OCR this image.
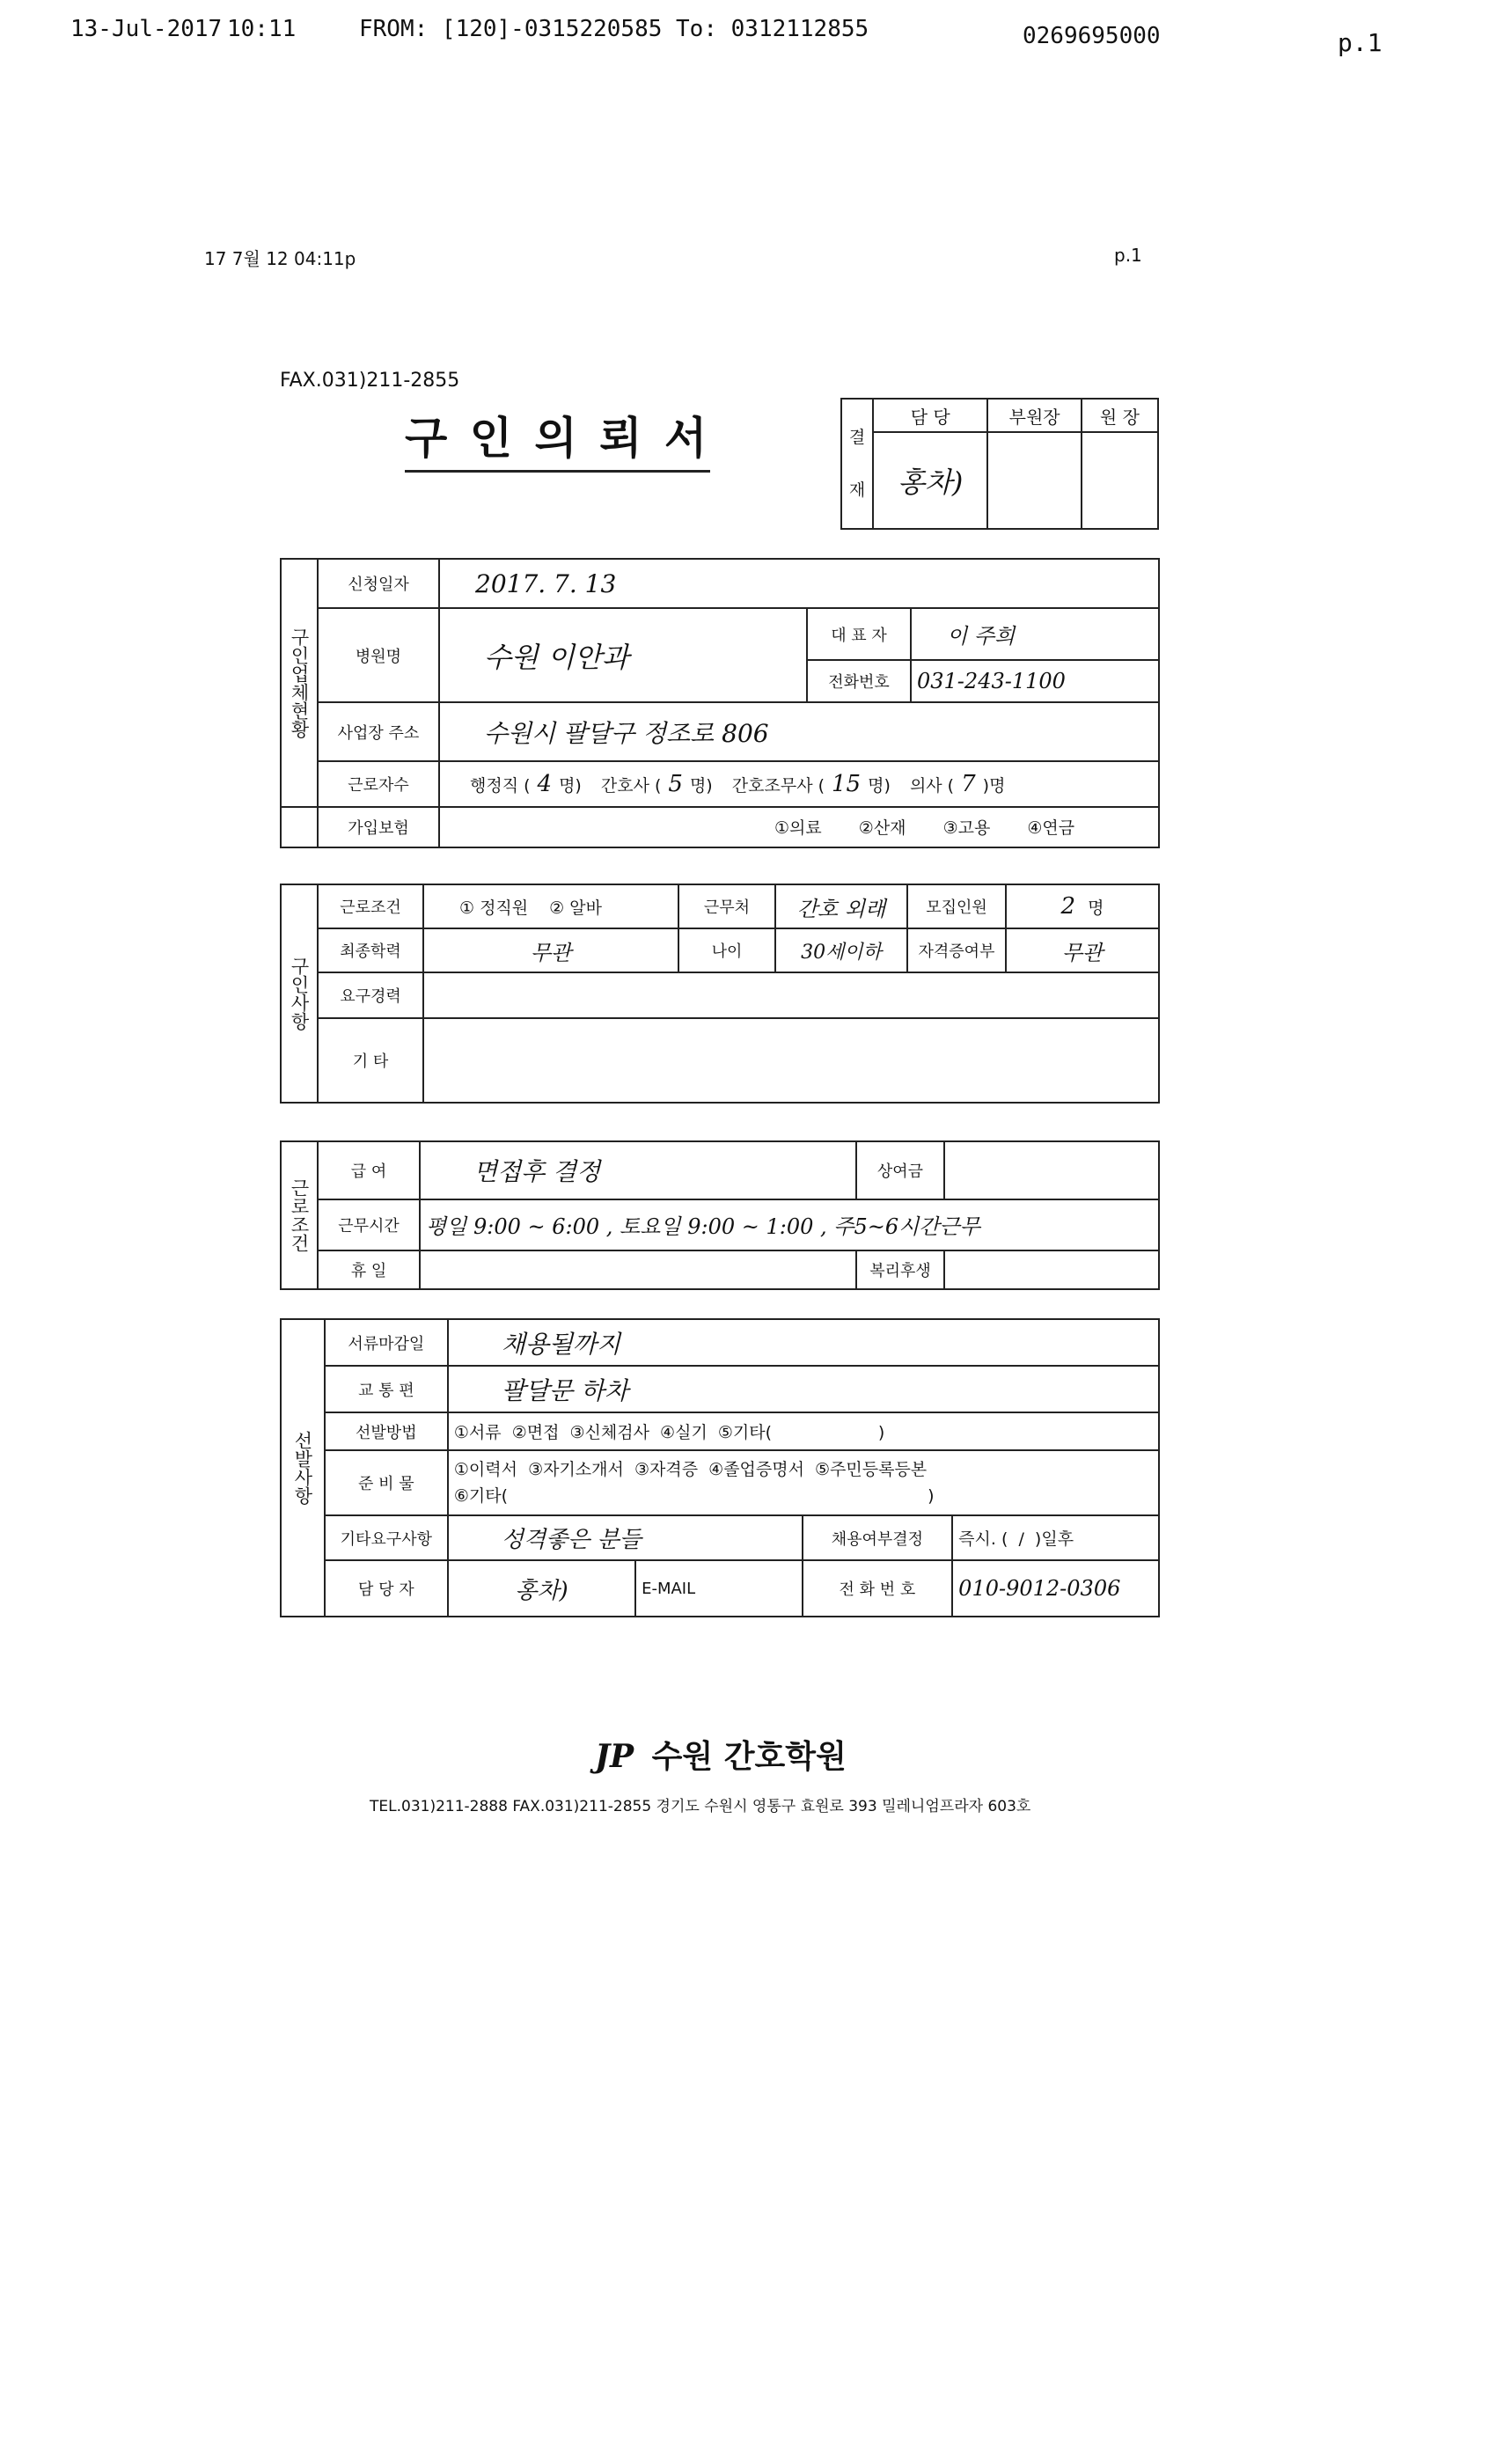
13-Jul-2017 10:11	FROM: [120]-0315220585 To: 0312112855	0269695000	p.1
17 7월 12 04:11p	p.1
FAX.031)211-2855
구 인 의 뢰 서	결재	담 당	부원장	원 장
	홍차)		
구인업체현황	신청일자	2017. 7. 13		
	병원명	수원 이안과	대 표 자	이 주희
			전화번호	031-243-1100
	사업장 주소	수원시 팔달구 정조로 806		
	근로자수	행정직 ( 4 명) 간호사 ( 5 명) 간호조무사 ( 15 명) 의사 ( 7 )명		
	가입보험	①의료 ②산재 ③고용 ④연금		
구인사항	근로조건	① 정직원 ② 알바	근무처	간호 외래	모집인원	2 명
	최종학력	무관	나이	30세이하	자격증여부	무관
	요구경력					
	기 타					
근로조건	급 여	면접후 결정	상여금	
	근무시간	평일 9:00 ~ 6:00 , 토요일 9:00 ~ 1:00 , 주5~6시간근무		
	휴 일		복리후생	
선발사항	서류마감일	채용될까지			
	교 통 편	팔달문 하차			
	선발방법	①서류  ②면접  ③신체검사  ④실기  ⑤기타(                    )			
	준 비 물	①이력서  ③자기소개서  ③자격증  ④졸업증명서  ⑤주민등록등본
⑥기타(                                                                               )			

	기타요구사항	성격좋은 분들		채용여부결정	즉시. (  /  )일후
	담 당 자	홍차)	E-MAIL	전 화 번 호	010-9012-0306
JP 수원 간호학원
TEL.031)211-2888 FAX.031)211-2855 경기도 수원시 영통구 효원로 393 밀레니엄프라자 603호
